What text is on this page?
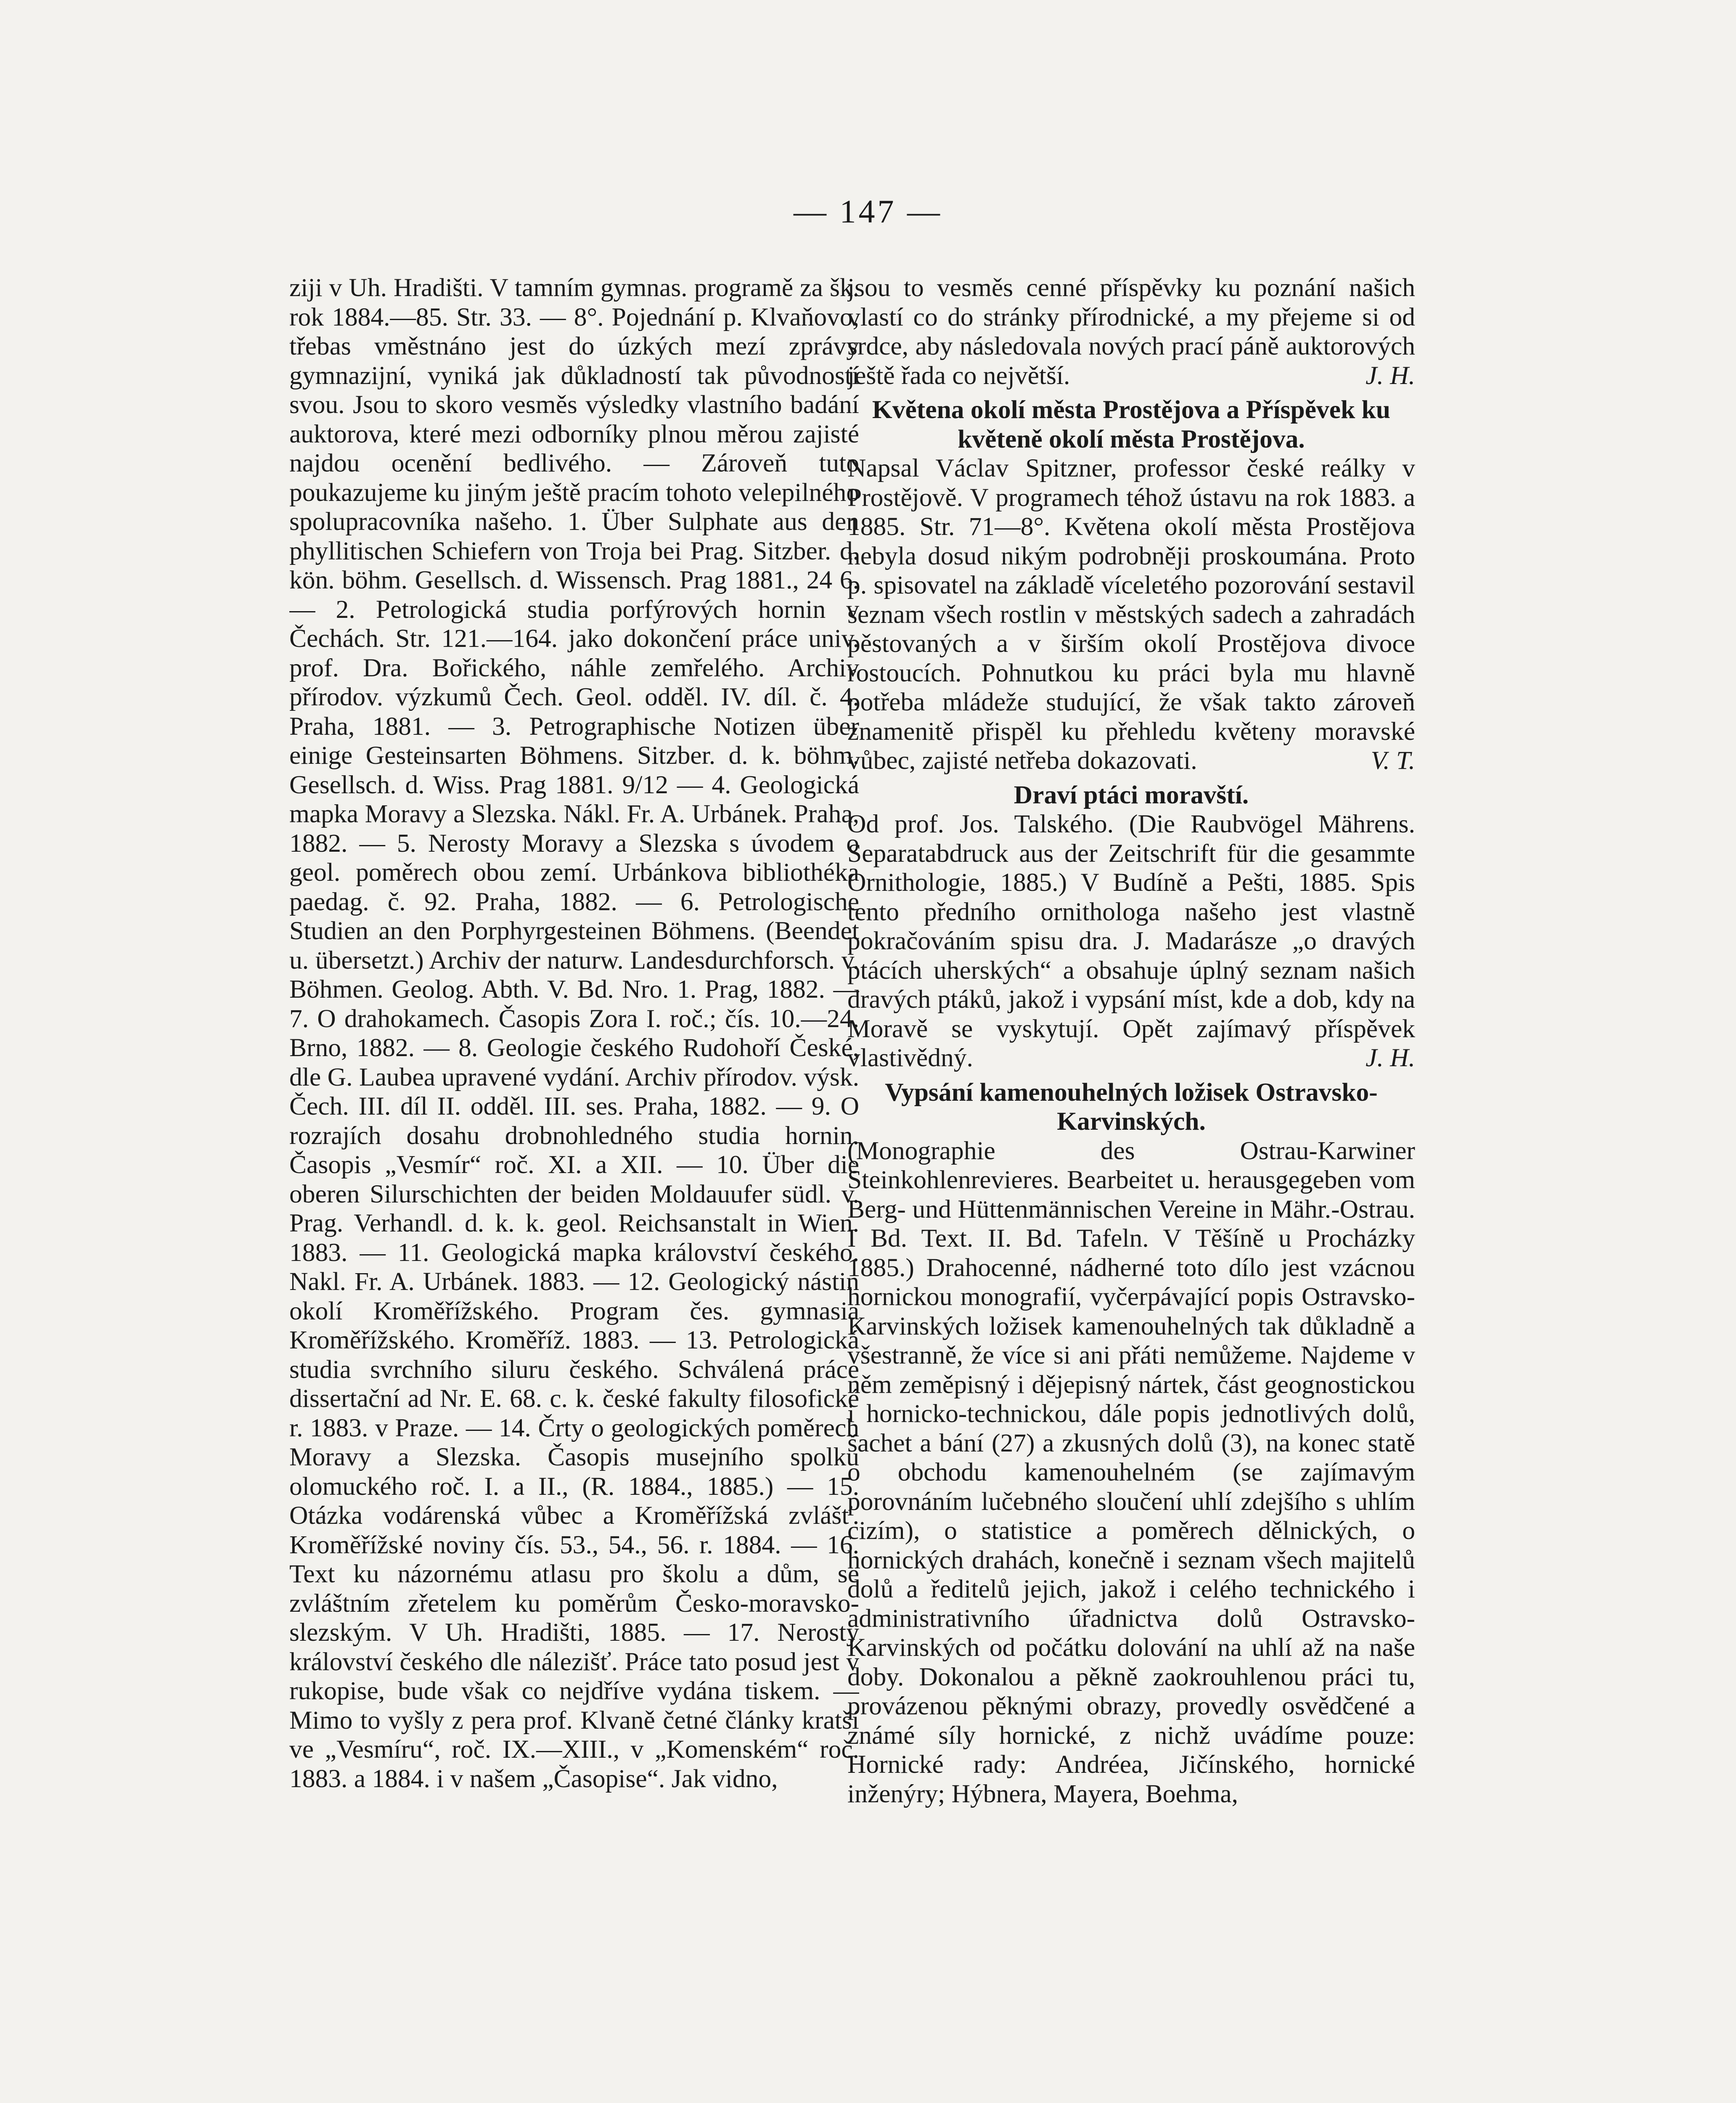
— 147 —

ziji v Uh. Hradišti. V tamním gymnas. programě za šk. rok 1884.—85. Str. 33. — 8°. Pojednání p. Klvaňovo, třebas vměstnáno jest do úzkých mezí zprávy gymnazijní, vyniká jak důkladností tak původností svou. Jsou to skoro vesměs výsledky vlastního badání auktorova, které mezi odborníky plnou měrou zajisté najdou ocenění bedlivého. — Zároveň tuto poukazujeme ku jiným ještě pracím tohoto velepilného spolupracovníka našeho. 1. Über Sulphate aus den phyllitischen Schiefern von Troja bei Prag. Sitzber. d. kön. böhm. Gesellsch. d. Wissensch. Prag 1881., 24 6. — 2. Petrologická studia porfýrových hornin v Čechách. Str. 121.—164. jako dokončení práce univ. prof. Dra. Bořického, náhle zemřelého. Archiv přírodov. výzkumů Čech. Geol. odděl. IV. díl. č. 4. Praha, 1881. — 3. Petrographische Notizen über einige Gesteinsarten Böhmens. Sitzber. d. k. böhm. Gesellsch. d. Wiss. Prag 1881. 9/12 — 4. Geologická mapka Moravy a Slezska. Nákl. Fr. A. Urbánek. Praha, 1882. — 5. Nerosty Moravy a Slezska s úvodem o geol. poměrech obou zemí. Urbánkova bibliothéka paedag. č. 92. Praha, 1882. — 6. Petrologische Studien an den Porphyrgesteinen Böhmens. (Beendet u. übersetzt.) Archiv der naturw. Landesdurchforsch. v. Böhmen. Geolog. Abth. V. Bd. Nro. 1. Prag, 1882. — 7. O drahokamech. Časopis Zora I. roč.; čís. 10.—24. Brno, 1882. — 8. Geologie českého Rudohoří České, dle G. Laubea upravené vydání. Archiv přírodov. výsk. Čech. III. díl II. odděl. III. ses. Praha, 1882. — 9. O rozrajích dosahu drobnohledného studia hornin. Časopis „Vesmír“ roč. XI. a XII. — 10. Über die oberen Silurschichten der beiden Moldauufer südl. v. Prag. Verhandl. d. k. k. geol. Reichsanstalt in Wien. 1883. — 11. Geologická mapka království českého. Nakl. Fr. A. Urbánek. 1883. — 12. Geologický nástin okolí Kroměřížského. Program čes. gymnasia Kroměřížského. Kroměříž. 1883. — 13. Petrologická studia svrchního siluru českého. Schválená práce dissertační ad Nr. E. 68. c. k. české fakulty filosofické r. 1883. v Praze. — 14. Črty o geologických poměrech Moravy a Slezska. Časopis musejního spolku olomuckého roč. I. a II., (R. 1884., 1885.) — 15. Otázka vodárenská vůbec a Kroměřížská zvlášť. Kroměřížské noviny čís. 53., 54., 56. r. 1884. — 16. Text ku názornému atlasu pro školu a dům, se zvláštním zřetelem ku poměrům Česko-moravsko-slezským. V Uh. Hradišti, 1885. — 17. Nerosty království českého dle nálezišť. Práce tato posud jest v rukopise, bude však co nejdříve vydána tiskem. — Mimo to vyšly z pera prof. Klvaně četné články kratší ve „Vesmíru“, roč. IX.—XIII., v „Komenském“ roč. 1883. a 1884. i v našem „Časopise“. Jak vidno,

jsou to vesměs cenné příspěvky ku poznání našich vlastí co do stránky přírodnické, a my přejeme si od srdce, aby následovala nových prací páně auktorových ještě řada co největší.	J. H.

Květena okolí města Prostějova a Příspěvek ku květeně okolí města Prostějova.
Napsal Václav Spitzner, professor české reálky v Prostějově. V programech téhož ústavu na rok 1883. a 1885. Str. 71—8°. Květena okolí města Prostějova nebyla dosud nikým podrobněji proskoumána. Proto p. spisovatel na základě víceletého pozorování sestavil seznam všech rostlin v městských sadech a zahradách pěstovaných a v širším okolí Prostějova divoce rostoucích. Pohnutkou ku práci byla mu hlavně potřeba mládeže studující, že však takto zároveň znamenitě přispěl ku přehledu květeny moravské vůbec, zajisté netřeba dokazovati.	V. T.

Draví ptáci moravští.
Od prof. Jos. Talského. (Die Raubvögel Mährens. Separatabdruck aus der Zeitschrift für die gesammte Ornithologie, 1885.) V Budíně a Pešti, 1885. Spis tento předního ornithologa našeho jest vlastně pokračováním spisu dra. J. Madarásze „o dravých ptácích uherských“ a obsahuje úplný seznam našich dravých ptáků, jakož i vypsání míst, kde a dob, kdy na Moravě se vyskytují. Opět zajímavý příspěvek vlastivědný.	J. H.

Vypsání kamenouhelných ložisek Ostravsko-Karvinských.
(Monographie des Ostrau-Karwiner Steinkohlenrevieres. Bearbeitet u. herausgegeben vom Berg- und Hüttenmännischen Vereine in Mähr.-Ostrau. I Bd. Text. II. Bd. Tafeln. V Těšíně u Procházky 1885.) Drahocenné, nádherné toto dílo jest vzácnou hornickou monografií, vyčerpávající popis Ostravsko-Karvinských ložisek kamenouhelných tak důkladně a všestranně, že více si ani přáti nemůžeme. Najdeme v něm zeměpisný i dějepisný nártek, část geognostickou i hornicko-technickou, dále popis jednotlivých dolů, šachet a bání (27) a zkusných dolů (3), na konec statě o obchodu kamenouhelném (se zajímavým porovnáním lučebného sloučení uhlí zdejšího s uhlím cizím), o statistice a poměrech dělnických, o hornických drahách, konečně i seznam všech majitelů dolů a ředitelů jejich, jakož i celého technického i administrativního úřadnictva dolů Ostravsko-Karvinských od počátku dolování na uhlí až na naše doby. Dokonalou a pěkně zaokrouhlenou práci tu, provázenou pěknými obrazy, provedly osvědčené a známé síly hornické, z nichž uvádíme pouze: Hornické rady: Andréea, Jičínského, hornické inženýry; Hýbnera, Mayera, Boehma,
